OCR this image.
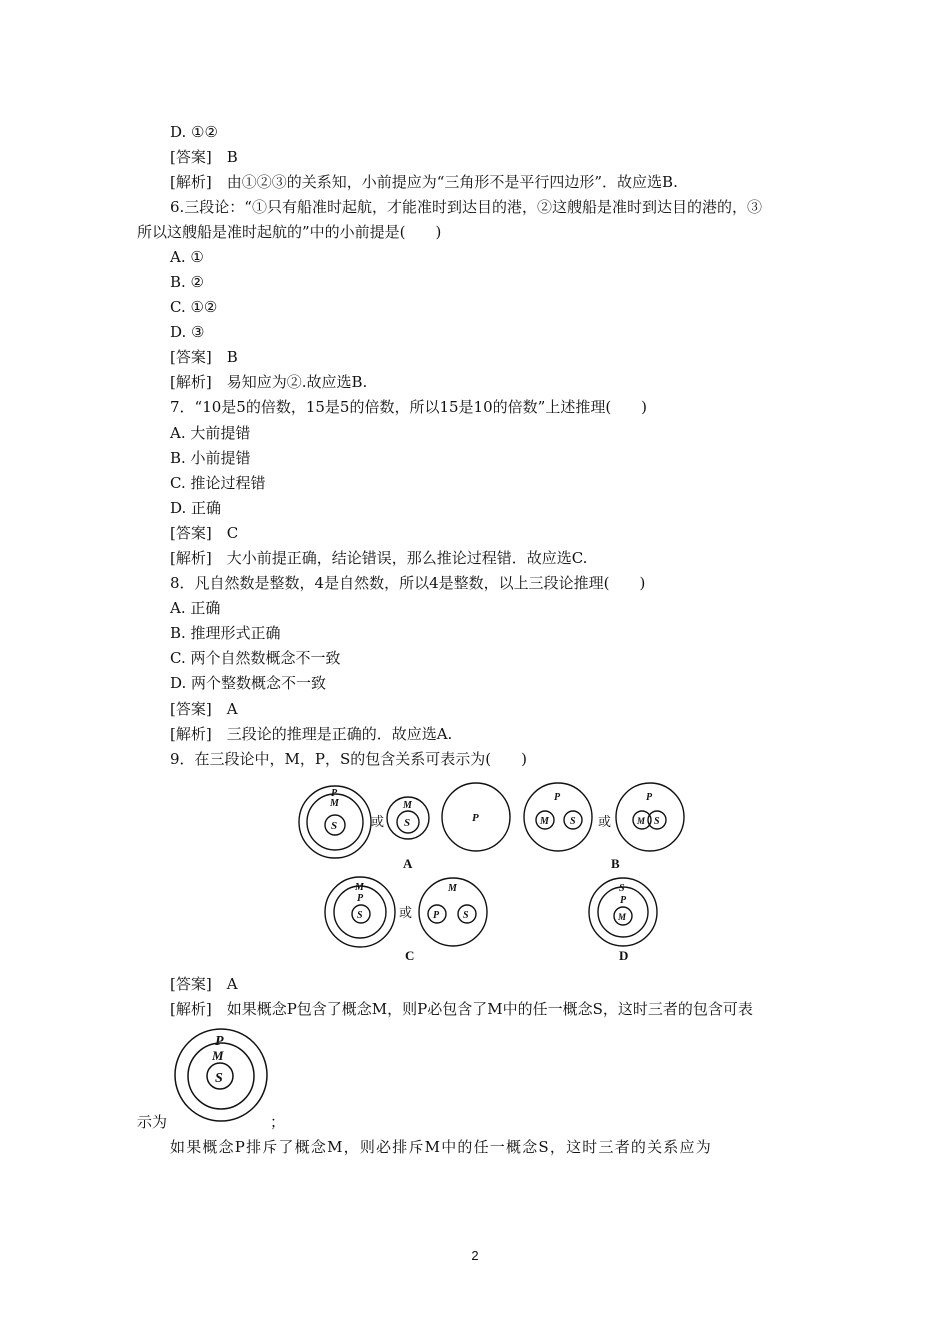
D. ①②
[答案]　B
[解析]　由①②③的关系知，小前提应为“三角形不是平行四边形”．故应选B.
6.三段论：“①只有船准时起航，才能准时到达目的港，②这艘船是准时到达目的港的，③
所以这艘船是准时起航的”中的小前提是(　　)
A. ①
B. ②
C. ①②
D. ③
[答案]　B
[解析]　易知应为②.故应选B.
7．“10是5的倍数，15是5的倍数，所以15是10的倍数”上述推理(　　)
A. 大前提错
B. 小前提错
C. 推论过程错
D. 正确
[答案]　C
[解析]　大小前提正确，结论错误，那么推论过程错．故应选C.
8．凡自然数是整数，4是自然数，所以4是整数，以上三段论推理(　　)
A. 正确
B. 推理形式正确
C. 两个自然数概念不一致
D. 两个整数概念不一致
[答案]　A
[解析]　三段论的推理是正确的．故应选A.
9．在三段论中，M，P，S的包含关系可表示为(　　)
P
M
S	或
M
S	P
A
P
M S 或
P
M S
B
M
P
S	或
M
P S
C
S
P
M
D
[答案]　A
[解析]　如果概念P包含了概念M，则P必包含了M中的任一概念S，这时三者的包含可表
P
M
S
示为	；
如果概念P排斥了概念M，则必排斥M中的任一概念S，这时三者的关系应为
2
